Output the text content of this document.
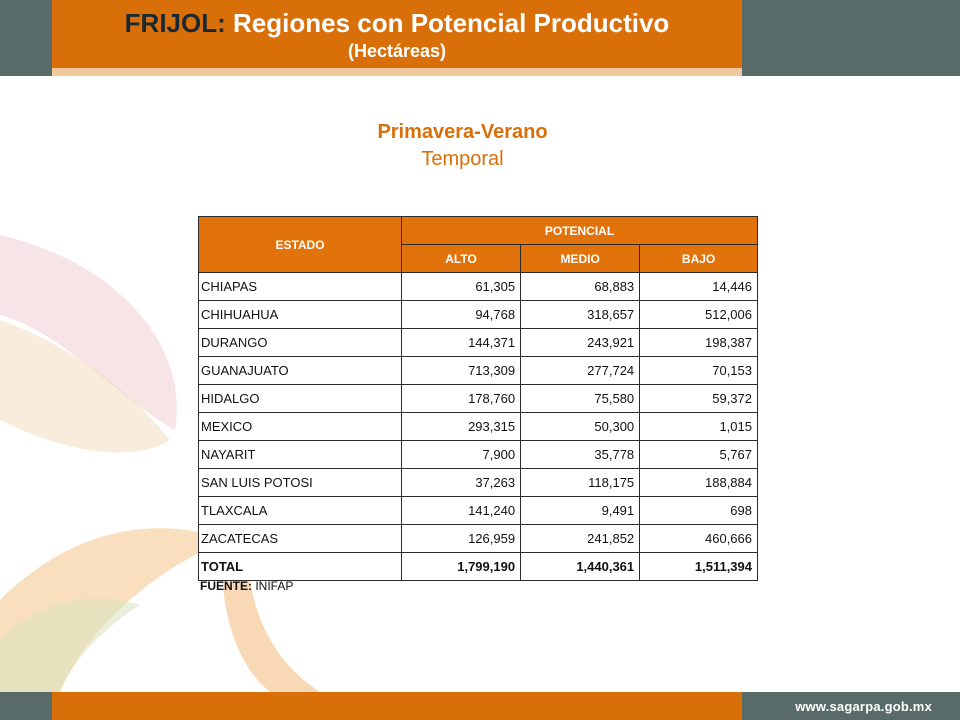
FRIJOL: Regiones con Potencial Productivo
(Hectáreas)
Primavera-Verano
Temporal
ESTADO	POTENCIAL		
	ALTO	MEDIO	BAJO
CHIAPAS	61,305	68,883	14,446
CHIHUAHUA	94,768	318,657	512,006
DURANGO	144,371	243,921	198,387
GUANAJUATO	713,309	277,724	70,153
HIDALGO	178,760	75,580	59,372
MEXICO	293,315	50,300	1,015
NAYARIT	7,900	35,778	5,767
SAN LUIS POTOSI	37,263	118,175	188,884
TLAXCALA	141,240	9,491	698
ZACATECAS	126,959	241,852	460,666
TOTAL	1,799,190	1,440,361	1,511,394
FUENTE: INIFAP
www.sagarpa.gob.mx
